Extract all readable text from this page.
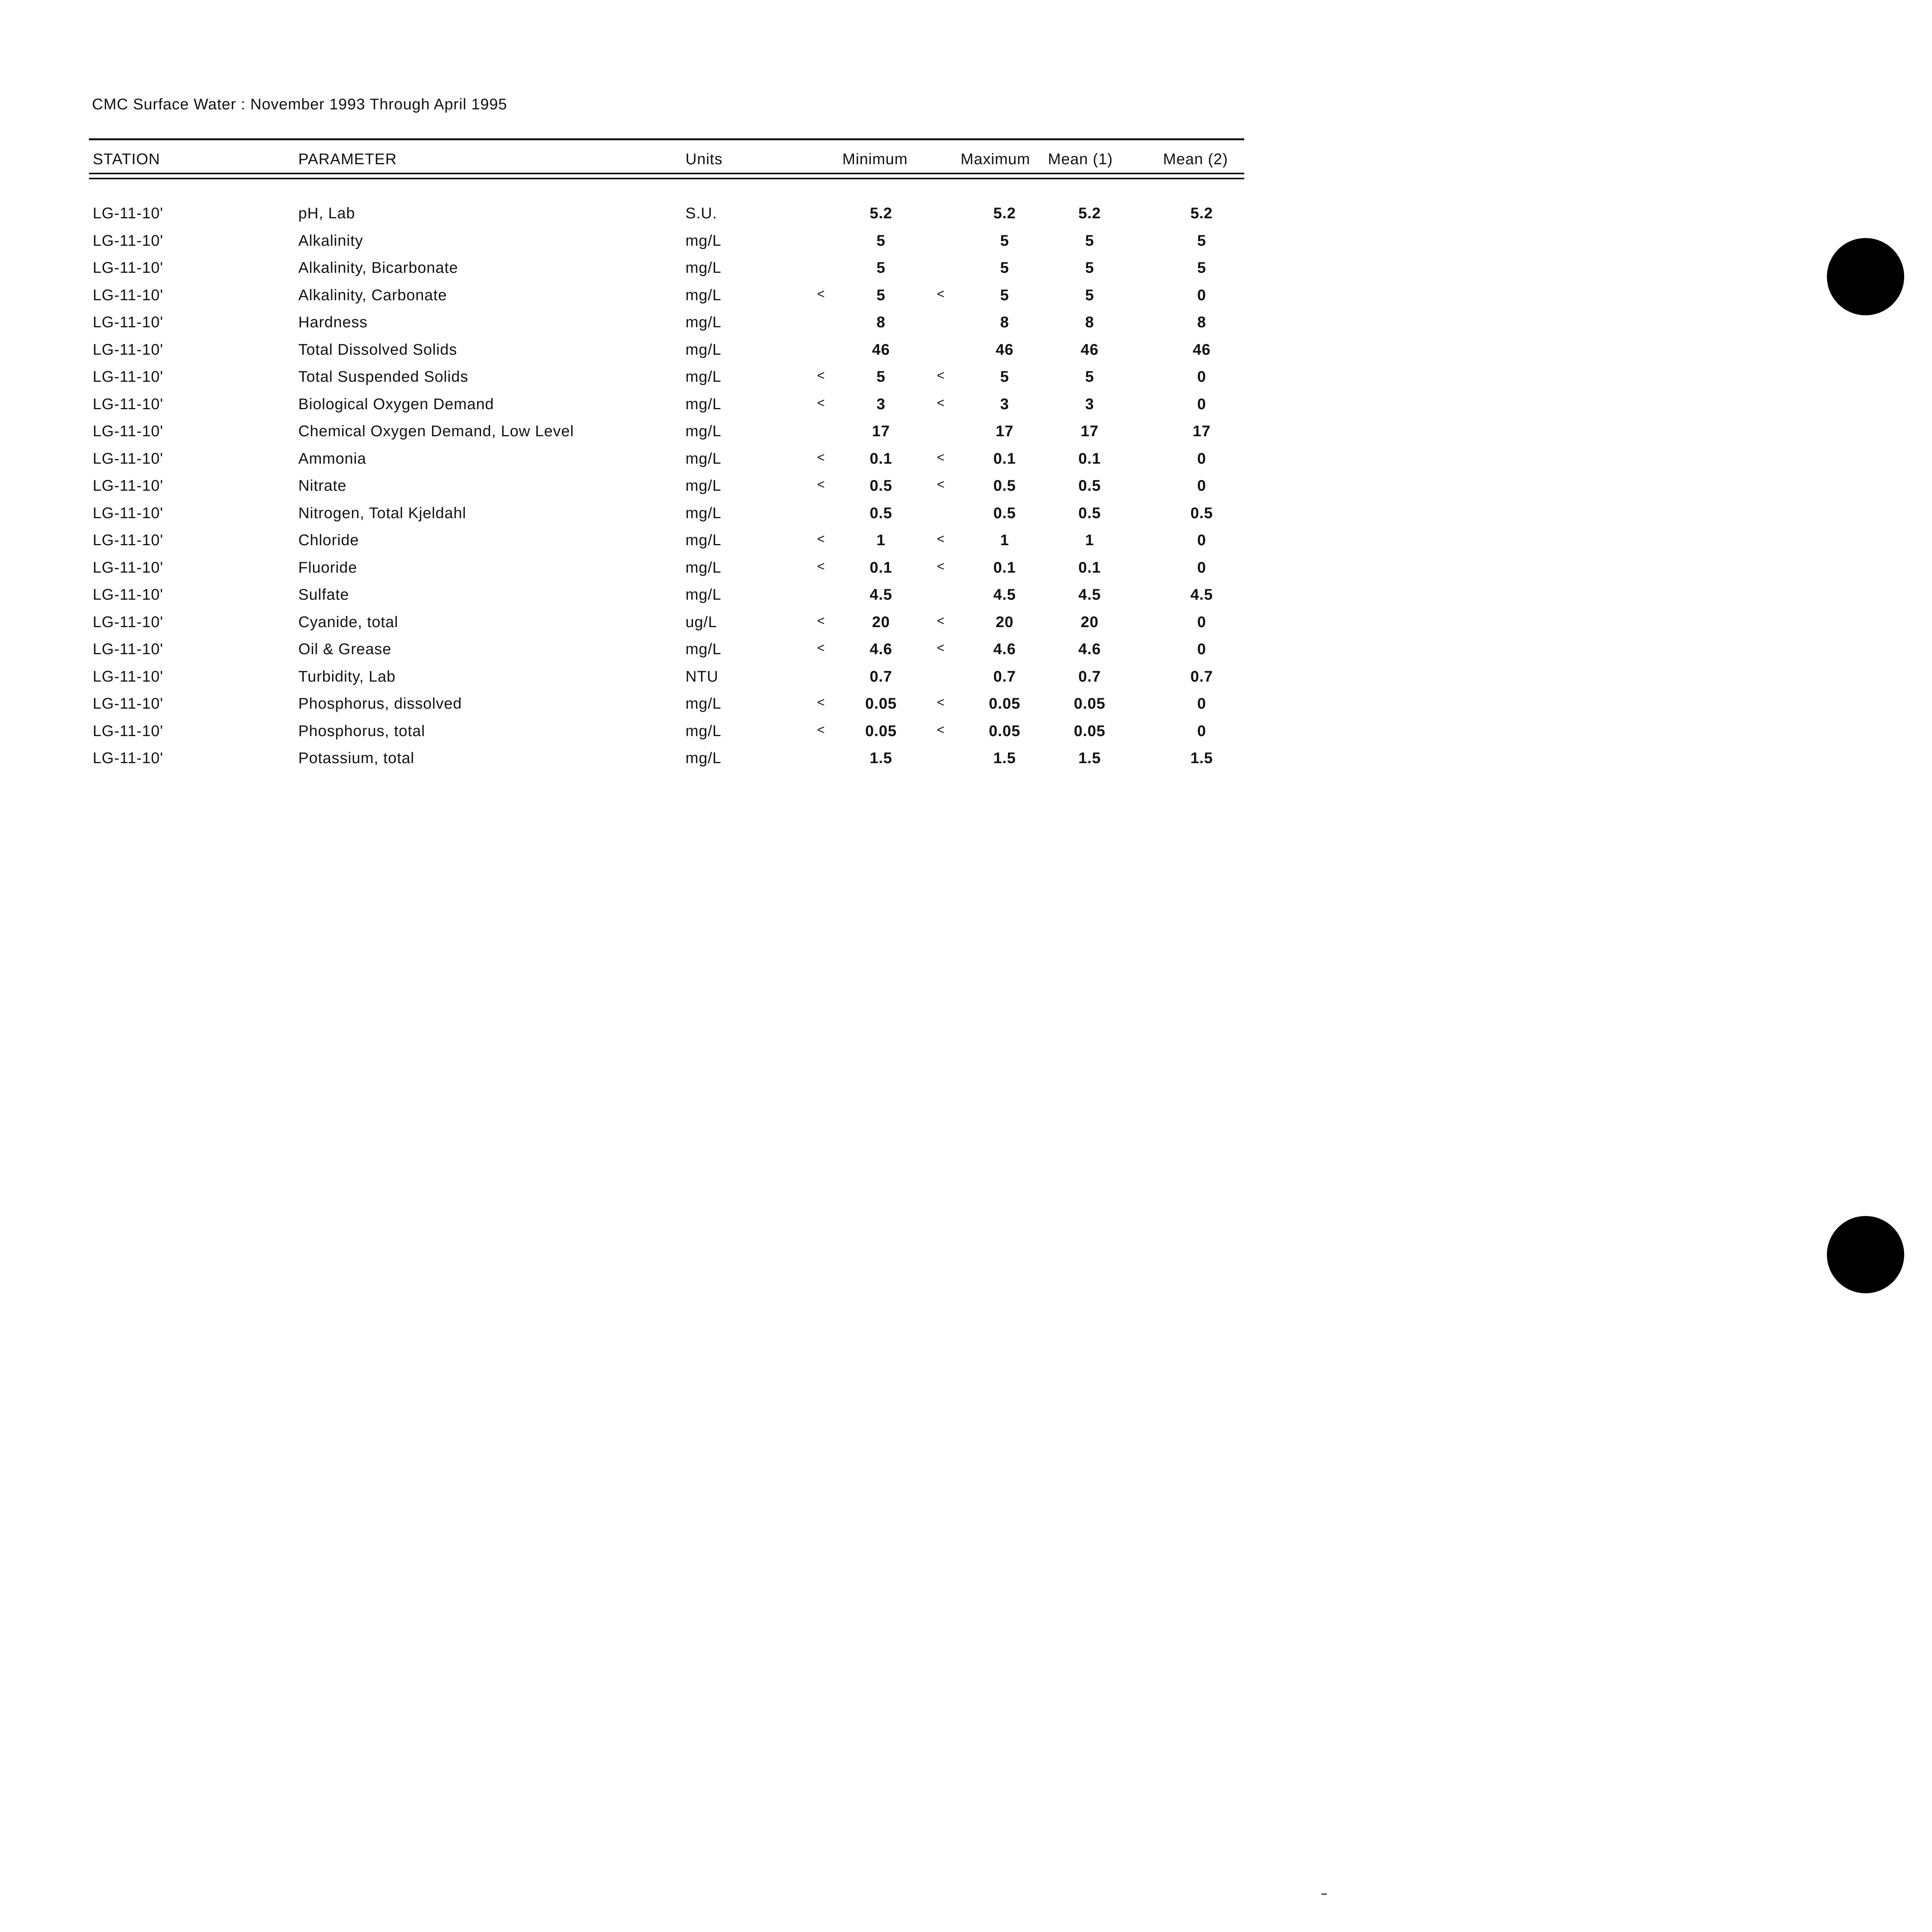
CMC Surface Water : November 1993 Through April 1995
STATION	PARAMETER	Units	Minimum	Maximum Mean (1)	Mean (2)
LG-11-10'	pH, Lab	S.U.	5.2	5.2	5.2	5.2
LG-11-10'	Alkalinity	mg/L	5	5	5	5
LG-11-10'	Alkalinity, Bicarbonate	mg/L	5	5	5	5
LG-11-10'	Alkalinity, Carbonate	mg/L	<	5	<	5	5	0
LG-11-10'	Hardness	mg/L	8	8	8	8
LG-11-10'	Total Dissolved Solids	mg/L	46	46	46	46
LG-11-10'	Total Suspended Solids	mg/L	<	5	<	5	5	0
LG-11-10'	Biological Oxygen Demand	mg/L	<	3	<	3	3	0
LG-11-10'	Chemical Oxygen Demand, Low Level	mg/L	17	17	17	17
LG-11-10'	Ammonia	mg/L	<	0.1	<	0.1	0.1	0
LG-11-10'	Nitrate	mg/L	<	0.5	<	0.5	0.5	0
LG-11-10'	Nitrogen, Total Kjeldahl	mg/L	0.5	0.5	0.5	0.5
LG-11-10'	Chloride	mg/L	<	1	<	1	1	0
LG-11-10'	Fluoride	mg/L	<	0.1	<	0.1	0.1	0
LG-11-10'	Sulfate	mg/L	4.5	4.5	4.5	4.5
LG-11-10'	Cyanide, total	ug/L	<	20	<	20	20	0
LG-11-10'	Oil & Grease	mg/L	<	4.6	<	4.6	4.6	0
LG-11-10'	Turbidity, Lab	NTU	0.7	0.7	0.7	0.7
LG-11-10'	Phosphorus, dissolved	mg/L	<	0.05	<	0.05	0.05	0
LG-11-10'	Phosphorus, total	mg/L	<	0.05	<	0.05	0.05	0
LG-11-10'	Potassium, total	mg/L	1.5	1.5	1.5	1.5
